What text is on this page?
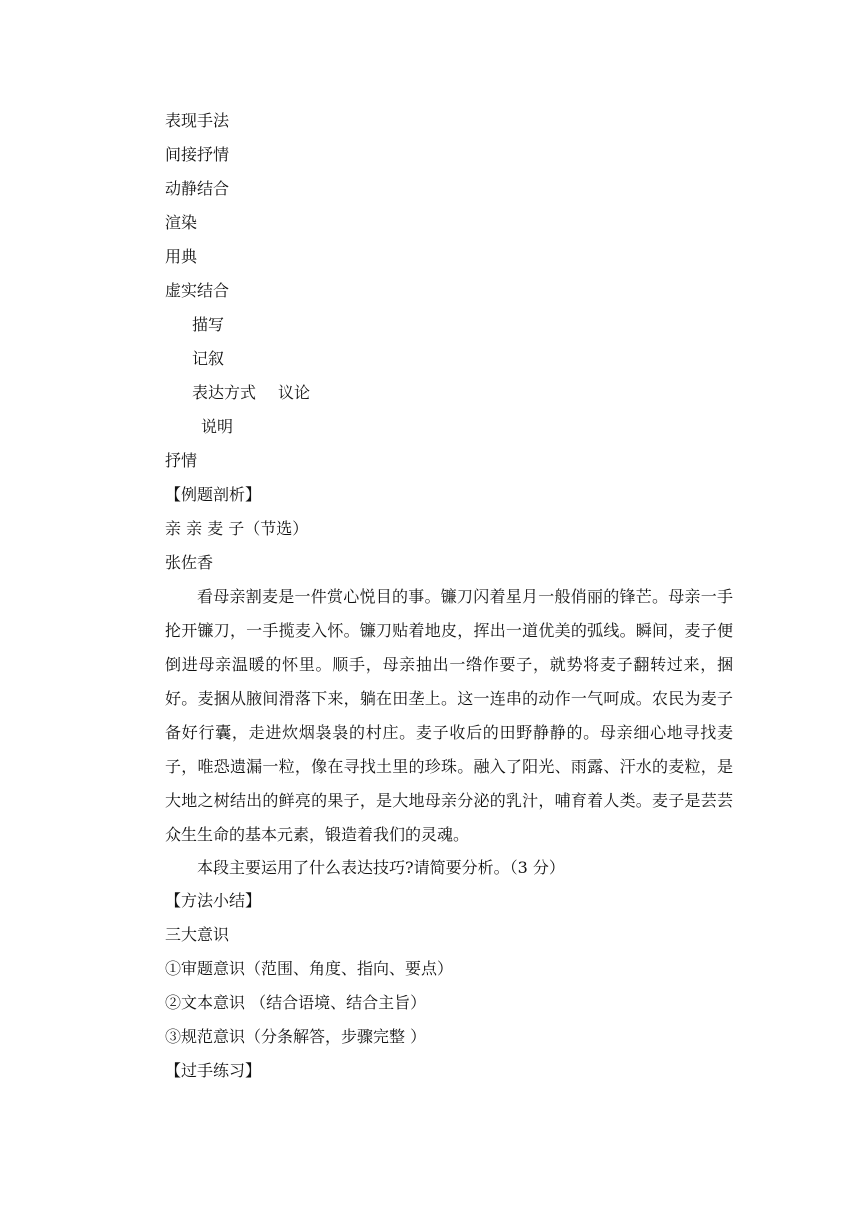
表现手法
间接抒情
动静结合
渲染
用典
虚实结合
描写
记叙
表达方式 议论
说明
抒情
【例题剖析】
亲 亲 麦 子（节选）
张佐香

看母亲割麦是一件赏心悦目的事。镰刀闪着星月一般俏丽的锋芒。母亲一手抡开镰刀，一手揽麦入怀。镰刀贴着地皮，挥出一道优美的弧线。瞬间，麦子便倒进母亲温暖的怀里。顺手，母亲抽出一绺作要子，就势将麦子翻转过来，捆好。麦捆从腋间滑落下来，躺在田垄上。这一连串的动作一气呵成。农民为麦子备好行囊，走进炊烟袅袅的村庄。麦子收后的田野静静的。母亲细心地寻找麦子，唯恐遗漏一粒，像在寻找土里的珍珠。融入了阳光、雨露、汗水的麦粒，是大地之树结出的鲜亮的果子，是大地母亲分泌的乳汁，哺育着人类。麦子是芸芸众生生命的基本元素，锻造着我们的灵魂。

本段主要运用了什么表达技巧?请简要分析。（3 分）
【方法小结】
三大意识
①审题意识（范围、角度、指向、要点）
②文本意识 （结合语境、结合主旨）
③规范意识（分条解答，步骤完整 ）
【过手练习】
